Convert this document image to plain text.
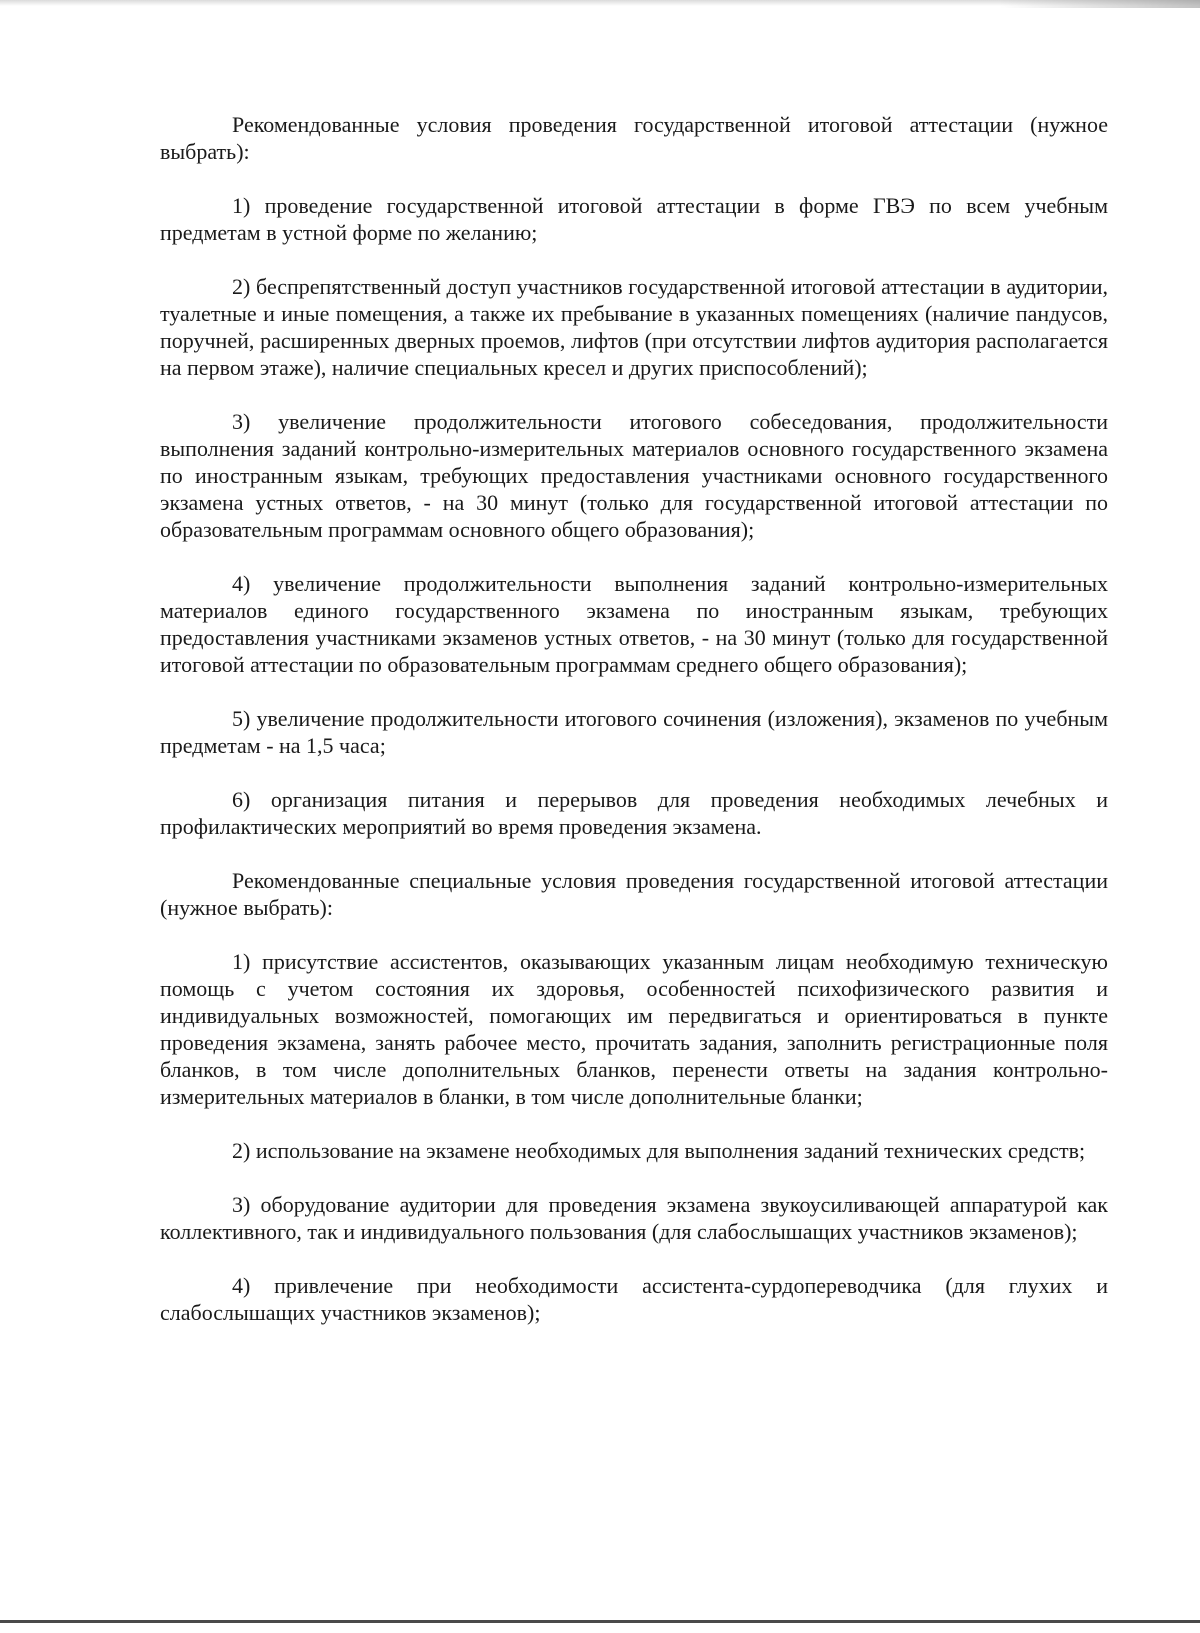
Рекомендованные условия проведения государственной итоговой аттестации (нужное выбрать):

1) проведение государственной итоговой аттестации в форме ГВЭ по всем учебным предметам в устной форме по желанию;

2) беспрепятственный доступ участников государственной итоговой аттестации в аудитории, туалетные и иные помещения, а также их пребывание в указанных помещениях (наличие пандусов, поручней, расширенных дверных проемов, лифтов (при отсутствии лифтов аудитория располагается на первом этаже), наличие специальных кресел и других приспособлений);

3) увеличение продолжительности итогового собеседования, продолжительности выполнения заданий контрольно-измерительных материалов основного государственного экзамена по иностранным языкам, требующих предоставления участниками основного государственного экзамена устных ответов, - на 30 минут (только для государственной итоговой аттестации по образовательным программам основного общего образования);

4) увеличение продолжительности выполнения заданий контрольно-измерительных материалов единого государственного экзамена по иностранным языкам, требующих предоставления участниками экзаменов устных ответов, - на 30 минут (только для государственной итоговой аттестации по образовательным программам среднего общего образования);

5) увеличение продолжительности итогового сочинения (изложения), экзаменов по учебным предметам - на 1,5 часа;

6) организация питания и перерывов для проведения необходимых лечебных и профилактических мероприятий во время проведения экзамена.

Рекомендованные специальные условия проведения государственной итоговой аттестации (нужное выбрать):

1) присутствие ассистентов, оказывающих указанным лицам необходимую техническую помощь с учетом состояния их здоровья, особенностей психофизического развития и индивидуальных возможностей, помогающих им передвигаться и ориентироваться в пункте проведения экзамена, занять рабочее место, прочитать задания, заполнить регистрационные поля бланков, в том числе дополнительных бланков, перенести ответы на задания контрольно-измерительных материалов в бланки, в том числе дополнительные бланки;

2) использование на экзамене необходимых для выполнения заданий технических средств;

3) оборудование аудитории для проведения экзамена звукоусиливающей аппаратурой как коллективного, так и индивидуального пользования (для слабослышащих участников экзаменов);

4) привлечение при необходимости ассистента-сурдопереводчика (для глухих и слабослышащих участников экзаменов);
